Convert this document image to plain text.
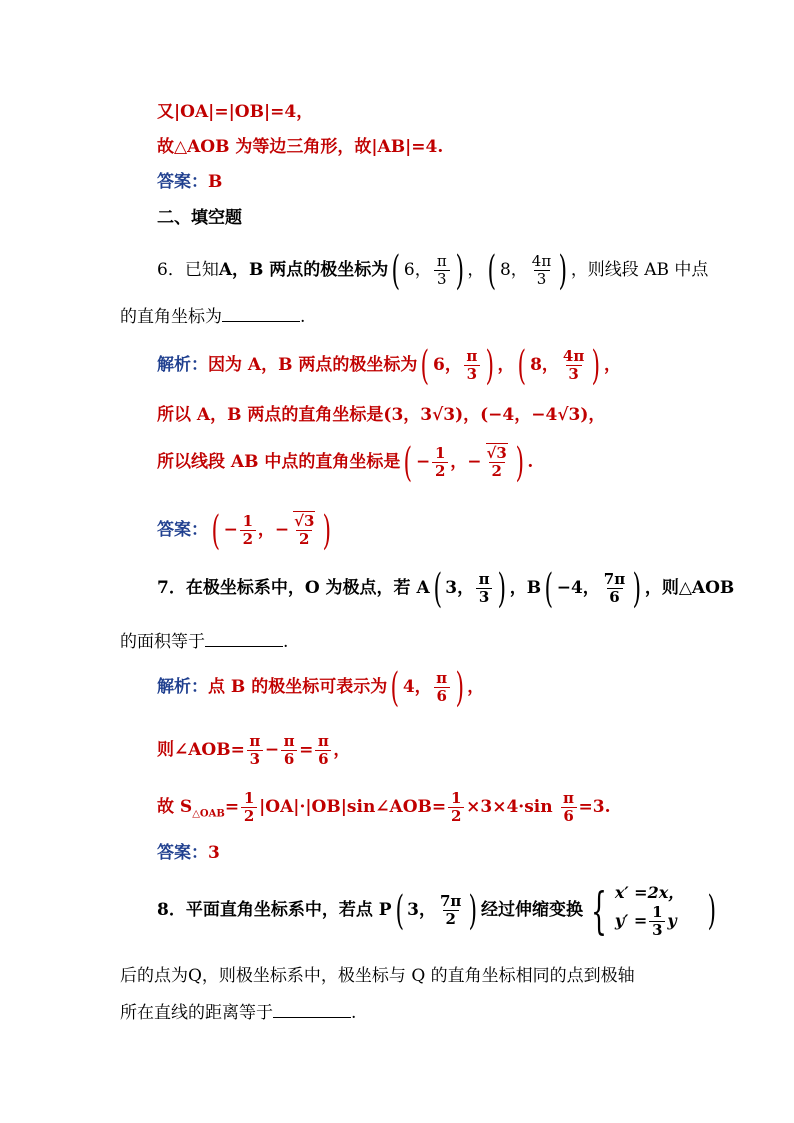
又|OA|=|OB|=4，
故△AOB 为等边三角形，故|AB|=4.
答案：B
二、填空题
6．已知A，B 两点的极坐标为( 6， $\frac{\pi}{3}$ ) ，( 8， $\frac{4\pi}{3}$ ) ，则线段 AB 中点
的直角坐标为	.
解析：因为 A，B 两点的极坐标为( 6， $\frac{\pi}{3}$ ) ，( 8， $\frac{4\pi}{3}$ ) ，
所以 A，B 两点的直角坐标是(3，3√3)，(−4，−4√3)，
所以线段 AB 中点的直角坐标是( − $\frac{1}{2}$ ，− $\frac{√3}{2}$ ) .
答案：( − $\frac{1}{2}$ ，− $\frac{√3}{2}$ )
7．在极坐标系中，O 为极点，若 A( 3， $\frac{\pi}{3}$ ) ，B( −4， $\frac{7\pi}{6}$ ) ，则△AOB
的面积等于	.
解析：点 B 的极坐标可表示为( 4， $\frac{\pi}{6}$ ) ，
则∠AOB= $\frac{\pi}{3} - \frac{\pi}{6} = \frac{\pi}{6}$ ，
故 $S_{\triangle OAB}= \frac{1}{2}$ |OA|·|OB|sin∠AOB= $\frac{1}{2} \times 3\times 4\cdot\sin \frac{\pi}{6} =3$.
答案：3
8．平面直角坐标系中，若点 P( 3， $\frac{7\pi}{2}$ ) 经过伸缩变换 { x′ =2x，
$y' = \frac{1}{3}$ y )
后的点为Q，则极坐标系中，极坐标与 Q 的直角坐标相同的点到极轴
所在直线的距离等于	.
